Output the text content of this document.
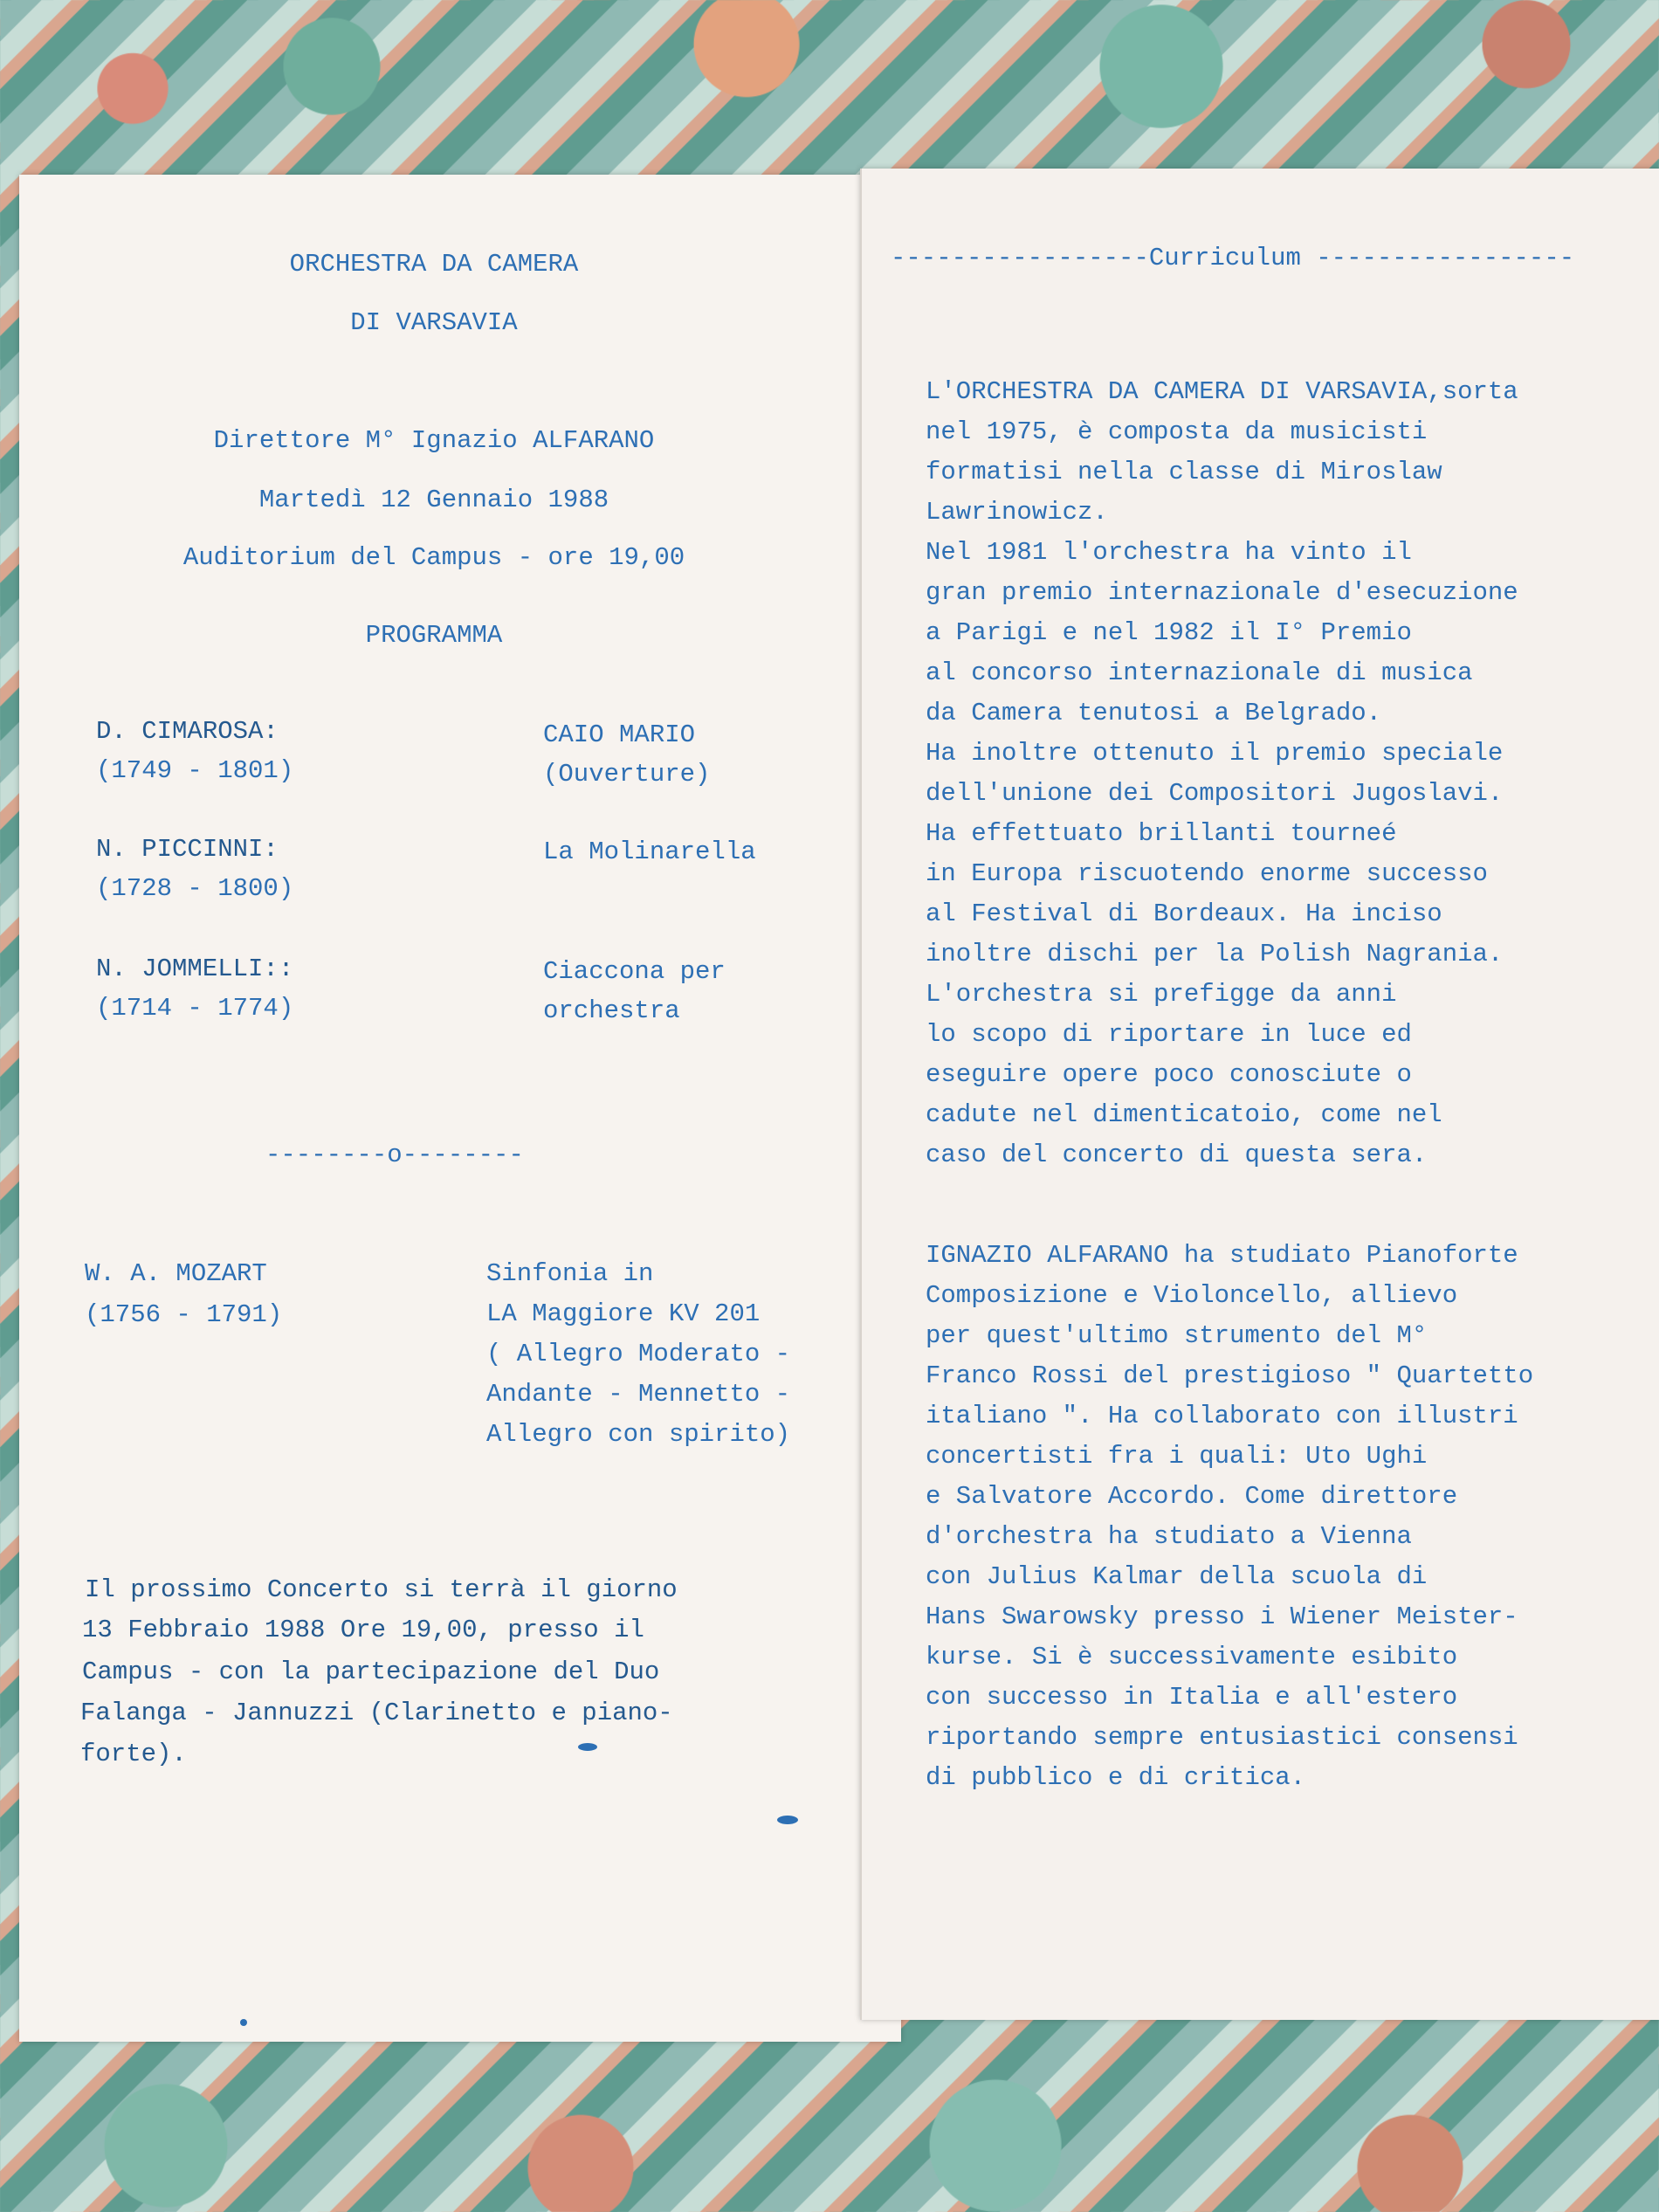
ORCHESTRA DA CAMERA

DI VARSAVIA

Direttore M° Ignazio ALFARANO

Martedì 12 Gennaio 1988

Auditorium del Campus - ore 19,00

PROGRAMMA

D. CIMAROSA:

(1749 - 1801)

CAIO MARIO

(Ouverture)

N. PICCINNI:

(1728 - 1800)

La Molinarella

N. JOMMELLI::

(1714 - 1774)

Ciaccona per

orchestra

--------o--------

W. A. MOZART

(1756 - 1791)

Sinfonia in

LA Maggiore KV 201

( Allegro Moderato -

Andante - Mennetto -

Allegro con spirito)

Il prossimo Concerto si terrà il giorno

13 Febbraio 1988 Ore 19,00, presso il

Campus - con la partecipazione del Duo

Falanga - Jannuzzi (Clarinetto e piano-

forte).

-----------------Curriculum -----------------

L'ORCHESTRA DA CAMERA DI VARSAVIA,sorta

nel 1975, è composta da musicisti

formatisi nella classe di Miroslaw

Lawrinowicz.

Nel 1981 l'orchestra ha vinto il

gran premio internazionale d'esecuzione

a Parigi e nel 1982 il I° Premio

al concorso internazionale di musica

da Camera tenutosi a Belgrado.

Ha inoltre ottenuto il premio speciale

dell'unione dei Compositori Jugoslavi.

Ha effettuato brillanti tourneé

in Europa riscuotendo enorme successo

al Festival di Bordeaux. Ha inciso

inoltre dischi per la Polish Nagrania.

L'orchestra si prefigge da anni

lo scopo di riportare in luce ed

eseguire opere poco conosciute o

cadute nel dimenticatoio, come nel

caso del concerto di questa sera.

IGNAZIO ALFARANO ha studiato Pianoforte

Composizione e Violoncello, allievo

per quest'ultimo strumento del M°

Franco Rossi del prestigioso " Quartetto

italiano ". Ha collaborato con illustri

concertisti fra i quali: Uto Ughi

e Salvatore Accordo. Come direttore

d'orchestra ha studiato a Vienna

con Julius Kalmar della scuola di

Hans Swarowsky presso i Wiener Meister-

kurse. Si è successivamente esibito

con successo in Italia e all'estero

riportando sempre entusiastici consensi

di pubblico e di critica.
